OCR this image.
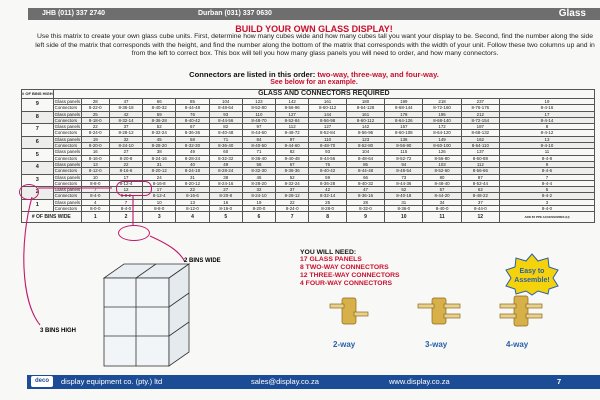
JHB (011) 337 2740	Durban (031) 337 0630	Glass
BUILD YOUR OWN GLASS DISPLAY!
Use this matrix to create your own glass cube units. First, determine how many cubes wide and how many cubes tall you want your display to be. Second, find the number along the side left side of the matrix that corresponds with the height, and find the number along the bottom of the matrix that corresponds with the width of your unit. Follow these two columns up and in from the left to correct box. This box will tell you how many glass panels you will need to order, and how many connectors.
Connectors are listed in this order: two-way, three-way, and four-way.
See below for an example.
# OF BINS HIGH	GLASS AND CONNECTORS REQUIRED													
9	Glass panels	28	47	66	85	104	123	142	161	180	199	218	237	19
	Connectors	8-22-0	8-36-18	8-40-32	8-44-48	8-48-64	8-52-80	8-56-96	8-60-112	8-64-128	8-68-144	8-72-160	8-76-176	8-4-16
8	Glass panels	25	42	59	76	93	110	127	144	161	178	195	212	17
	Connectors	8-18-0	8-32-14	8-36-28	8-40-42	8-44-56	8-48-70	8-52-84	8-56-98	8-60-112	8-64-126	8-68-140	8-72-154	8-4-14
7	Glass panels	22	37	52	67	82	97	112	127	142	157	172	187	8
	Connectors	8-24-0	8-28-12	8-32-24	8-36-36	8-40-48	8-44-60	8-48-72	8-52-84	8-56-96	8-60-108	8-64-120	8-68-132	8-4-12
6	Glass panels	19	32	45	58	71	84	97	110	123	136	149	162	13
	Connectors	8-20-0	8-24-10	8-28-20	8-32-30	8-36-40	8-40-50	8-44-60	8-48-70	8-52-80	8-56-90	8-60-100	8-64-110	8-4-10
5	Glass panels	16	27	38	49	60	71	82	93	104	115	126	137	11
	Connectors	8-16-0	8-20-8	8-24-16	8-28-24	8-32-32	8-36-40	8-40-48	8-44-56	8-48-64	8-52-72	8-56-80	8-60-88	8-4-8
4	Glass panels	13	22	31	40	49	58	67	76	85	94	103	112	9
	Connectors	8-12-0	8-16-6	8-20-12	8-24-18	8-28-24	8-32-30	8-36-36	8-40-42	8-44-48	8-48-54	8-52-60	8-56-66	8-4-6
3	Glass panels	10	17	24	31	38	45	52	59	66	73	80	87	7
	Connectors	8-8-0	8-12-4	8-16-8	8-20-12	8-24-16	8-28-20	8-32-24	8-36-28	8-40-32	8-44-36	8-48-40	8-52-44	8-4-4
2	Glass panels	7	12	17	22	27	32	37	42	47	52	57	62	5
	Connectors	8-4-0	8-8-2	8-12-4	8-16-6	8-20-8	8-24-10	8-28-12	8-32-14	8-36-16	8-40-18	8-44-20	8-48-22	8-4-2
1	Glass panels	4	7	10	13	16	19	22	25	28	31	34	37	3
	Connectors	8-0-0	8-4-0	8-8-0	8-12-0	8-16-0	8-20-0	8-24-0	8-28-0	8-32-0	8-36-0	8-40-0	8-44-0	8-4-0
# OF BINS WIDE		1	2	3	4	5	6	7	8	9	10	11	12	ADD 65 PPE ACCESSORIES (H)
2 BINS WIDE
3 BINS HIGH
YOU WILL NEED:
17 GLASS PANELS
8 TWO-WAY CONNECTORS
12 THREE-WAY CONNECTORS
4 FOUR-WAY CONNECTORS
Easy to
Assemble!
2-way	3-way	4-way
deco	display equipment co. (pty.) ltd	sales@display.co.za	www.display.co.za	7
